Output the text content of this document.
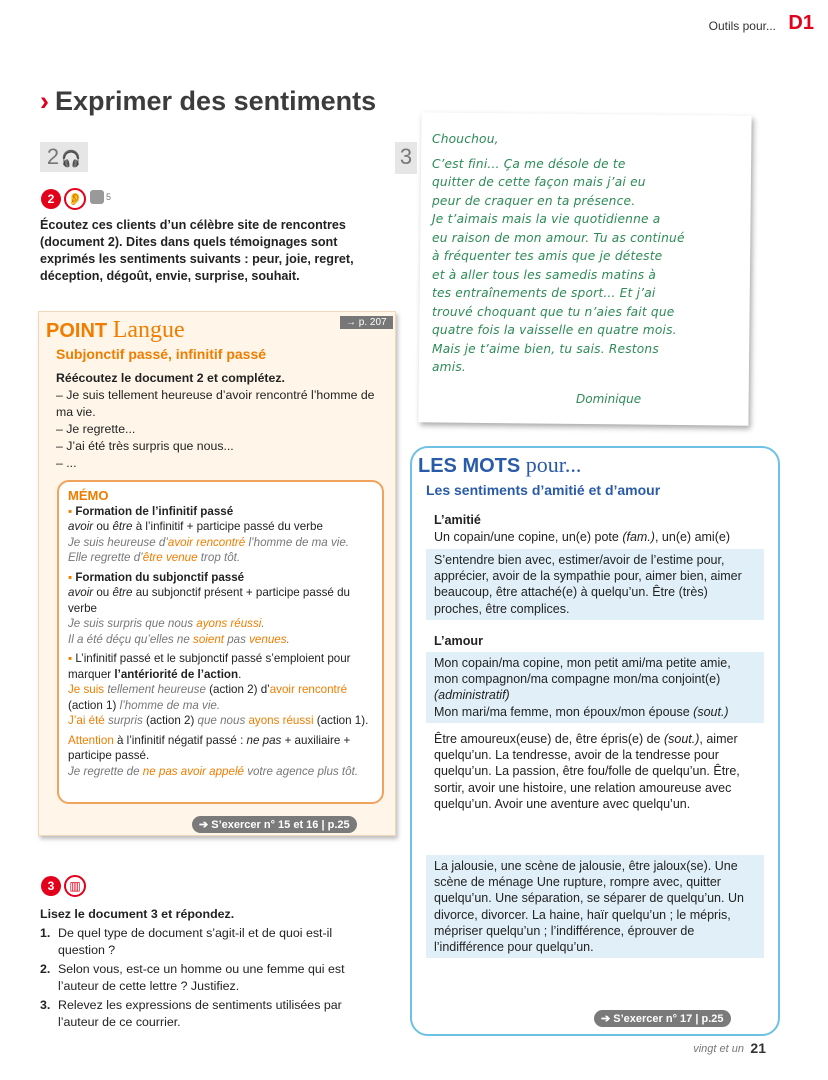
Outils pour... D1
› Exprimer des sentiments
2 🎧
2	👂	5
Écoutez ces clients d’un célèbre site de rencontres (document 2). Dites dans quels témoignages sont exprimés les sentiments suivants : peur, joie, regret, déception, dégoût, envie, surprise, souhait.
POINT Langue	→ p. 207
Subjonctif passé, infinitif passé
Réécoutez le document 2 et complétez.
– Je suis tellement heureuse d’avoir rencontré l’homme de ma vie.
– Je regrette...
– J’ai été très surpris que nous...
– ...
MÉMO
▪ Formation de l’infinitif passé
avoir ou être à l’infinitif + participe passé du verbe
Je suis heureuse d’avoir rencontré l’homme de ma vie.
Elle regrette d’être venue trop tôt.
▪ Formation du subjonctif passé
avoir ou être au subjonctif présent + participe passé du verbe
Je suis surpris que nous ayons réussi.
Il a été déçu qu’elles ne soient pas venues.
▪ L’infinitif passé et le subjonctif passé s’emploient pour marquer l’antériorité de l’action.
Je suis tellement heureuse (action 2) d’avoir rencontré
(action 1) l’homme de ma vie.
J’ai été surpris (action 2) que nous ayons réussi (action 1).
Attention à l’infinitif négatif passé : ne pas + auxiliaire + participe passé.
Je regrette de ne pas avoir appelé votre agence plus tôt.
➔ S’exercer n° 15 et 16 | p.25
3	▥
Lisez le document 3 et répondez.
1. De quel type de document s’agit-il et de quoi est-il question ?
2. Selon vous, est-ce un homme ou une femme qui est l’auteur de cette lettre ? Justifiez.
3. Relevez les expressions de sentiments utilisées par l’auteur de ce courrier.
3
Chouchou,
C’est fini... Ça me désole de te
quitter de cette façon mais j’ai eu
peur de craquer en ta présence.
Je t’aimais mais la vie quotidienne a
eu raison de mon amour. Tu as continué
à fréquenter tes amis que je déteste
et à aller tous les samedis matins à
tes entraînements de sport... Et j’ai
trouvé choquant que tu n’aies fait que
quatre fois la vaisselle en quatre mois.
Mais je t’aime bien, tu sais. Restons
amis.
Dominique
LES MOTS pour...
Les sentiments d’amitié et d’amour
L’amitié
Un copain/une copine, un(e) pote (fam.), un(e) ami(e)
S’entendre bien avec, estimer/avoir de l’estime pour, apprécier, avoir de la sympathie pour, aimer bien, aimer beaucoup, être attaché(e) à quelqu’un. Être (très) proches, être complices.
L’amour
Mon copain/ma copine, mon petit ami/ma petite amie, mon compagnon/ma compagne mon/ma conjoint(e) (administratif)
Mon mari/ma femme, mon époux/mon épouse (sout.)
Être amoureux(euse) de, être épris(e) de (sout.), aimer quelqu’un. La tendresse, avoir de la tendresse pour quelqu’un. La passion, être fou/folle de quelqu’un. Être, sortir, avoir une histoire, une relation amoureuse avec quelqu’un. Avoir une aventure avec quelqu’un.
La jalousie, une scène de jalousie, être jaloux(se). Une scène de ménage Une rupture, rompre avec, quitter quelqu’un. Une séparation, se séparer de quelqu’un. Un divorce, divorcer. La haine, haïr quelqu’un ; le mépris, mépriser quelqu’un ; l’indifférence, éprouver de l’indifférence pour quelqu’un.
➔ S’exercer n° 17 | p.25
vingt et un 21
